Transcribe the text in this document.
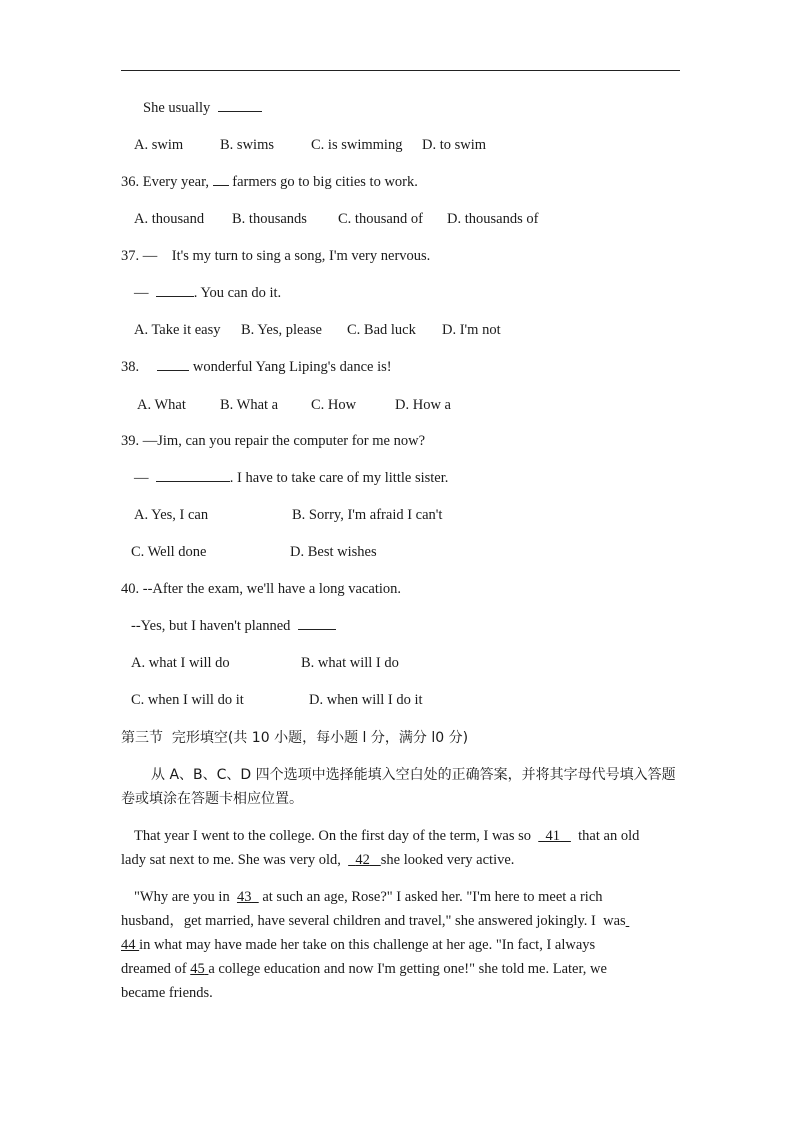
She usually
A. swim	B. swims	C. is swimming D. to swim
36. Every year, farmers go to big cities to work.
A. thousand B. thousands C. thousand of D. thousands of
37. —    It's my turn to sing a song, I'm very nervous.
—	. You can do it.
A. Take it easy B. Yes, please C. Bad luck D. I'm not
38.	wonderful Yang Liping's dance is!
A. What B. What a C. How	D. How a
39. —Jim, can you repair the computer for me now?
—	. I have to take care of my little sister.
A. Yes, I can	B. Sorry, I'm afraid I can't
C. Well done	D. Best wishes
40. --After the exam, we'll have a long vacation.
--Yes, but I haven't planned
A. what I will do	B. what will I do
C. when I will do it	D. when will I do it
第三节  完形填空(共 10 小题，每小题 l 分，满分 l0 分)
从 A、B、C、D 四个选项中选择能填入空白处的正确答案，并将其字母代号填入答题
卷或填涂在答题卡相应位置。
That year I went to the college. On the first day of the term, I was so 41 that an old
lady sat next to me. She was very old, 42 she looked very active.
"Why are you in 43 at such an age, Rose?" I asked her. "I'm here to meet a rich
husband，get married, have several children and travel," she answered jokingly. I  was
44 in what may have made her take on this challenge at her age. "In fact, I always
dreamed of 45 a college education and now I'm getting one!" she told me. Later, we
became friends.
